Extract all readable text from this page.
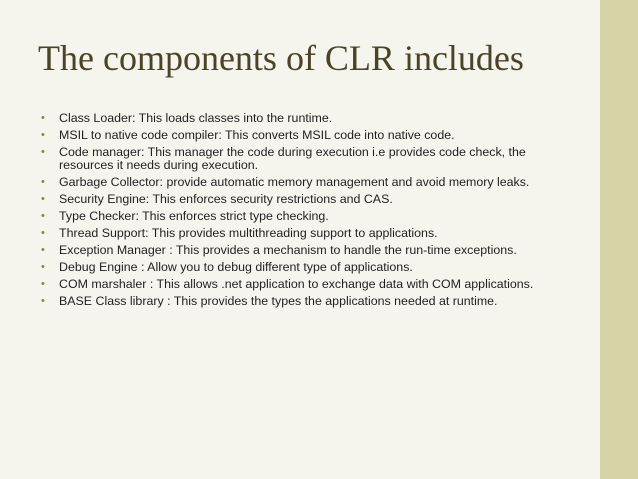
The components of CLR includes
• Class Loader: This loads classes into the runtime.
• MSIL to native code compiler: This converts MSIL code into native code.
• Code manager: This manager the code during execution i.e provides code check, the resources it needs during execution.
• Garbage Collector: provide automatic memory management and avoid memory leaks.
• Security Engine: This enforces security restrictions and CAS.
• Type Checker: This enforces strict type checking.
• Thread Support: This provides multithreading support to applications.
• Exception Manager : This provides a mechanism to handle the run-time exceptions.
• Debug Engine : Allow you to debug different type of applications.
• COM marshaler : This allows .net application to exchange data with COM applications.
• BASE Class library : This provides the types the applications needed at runtime.
